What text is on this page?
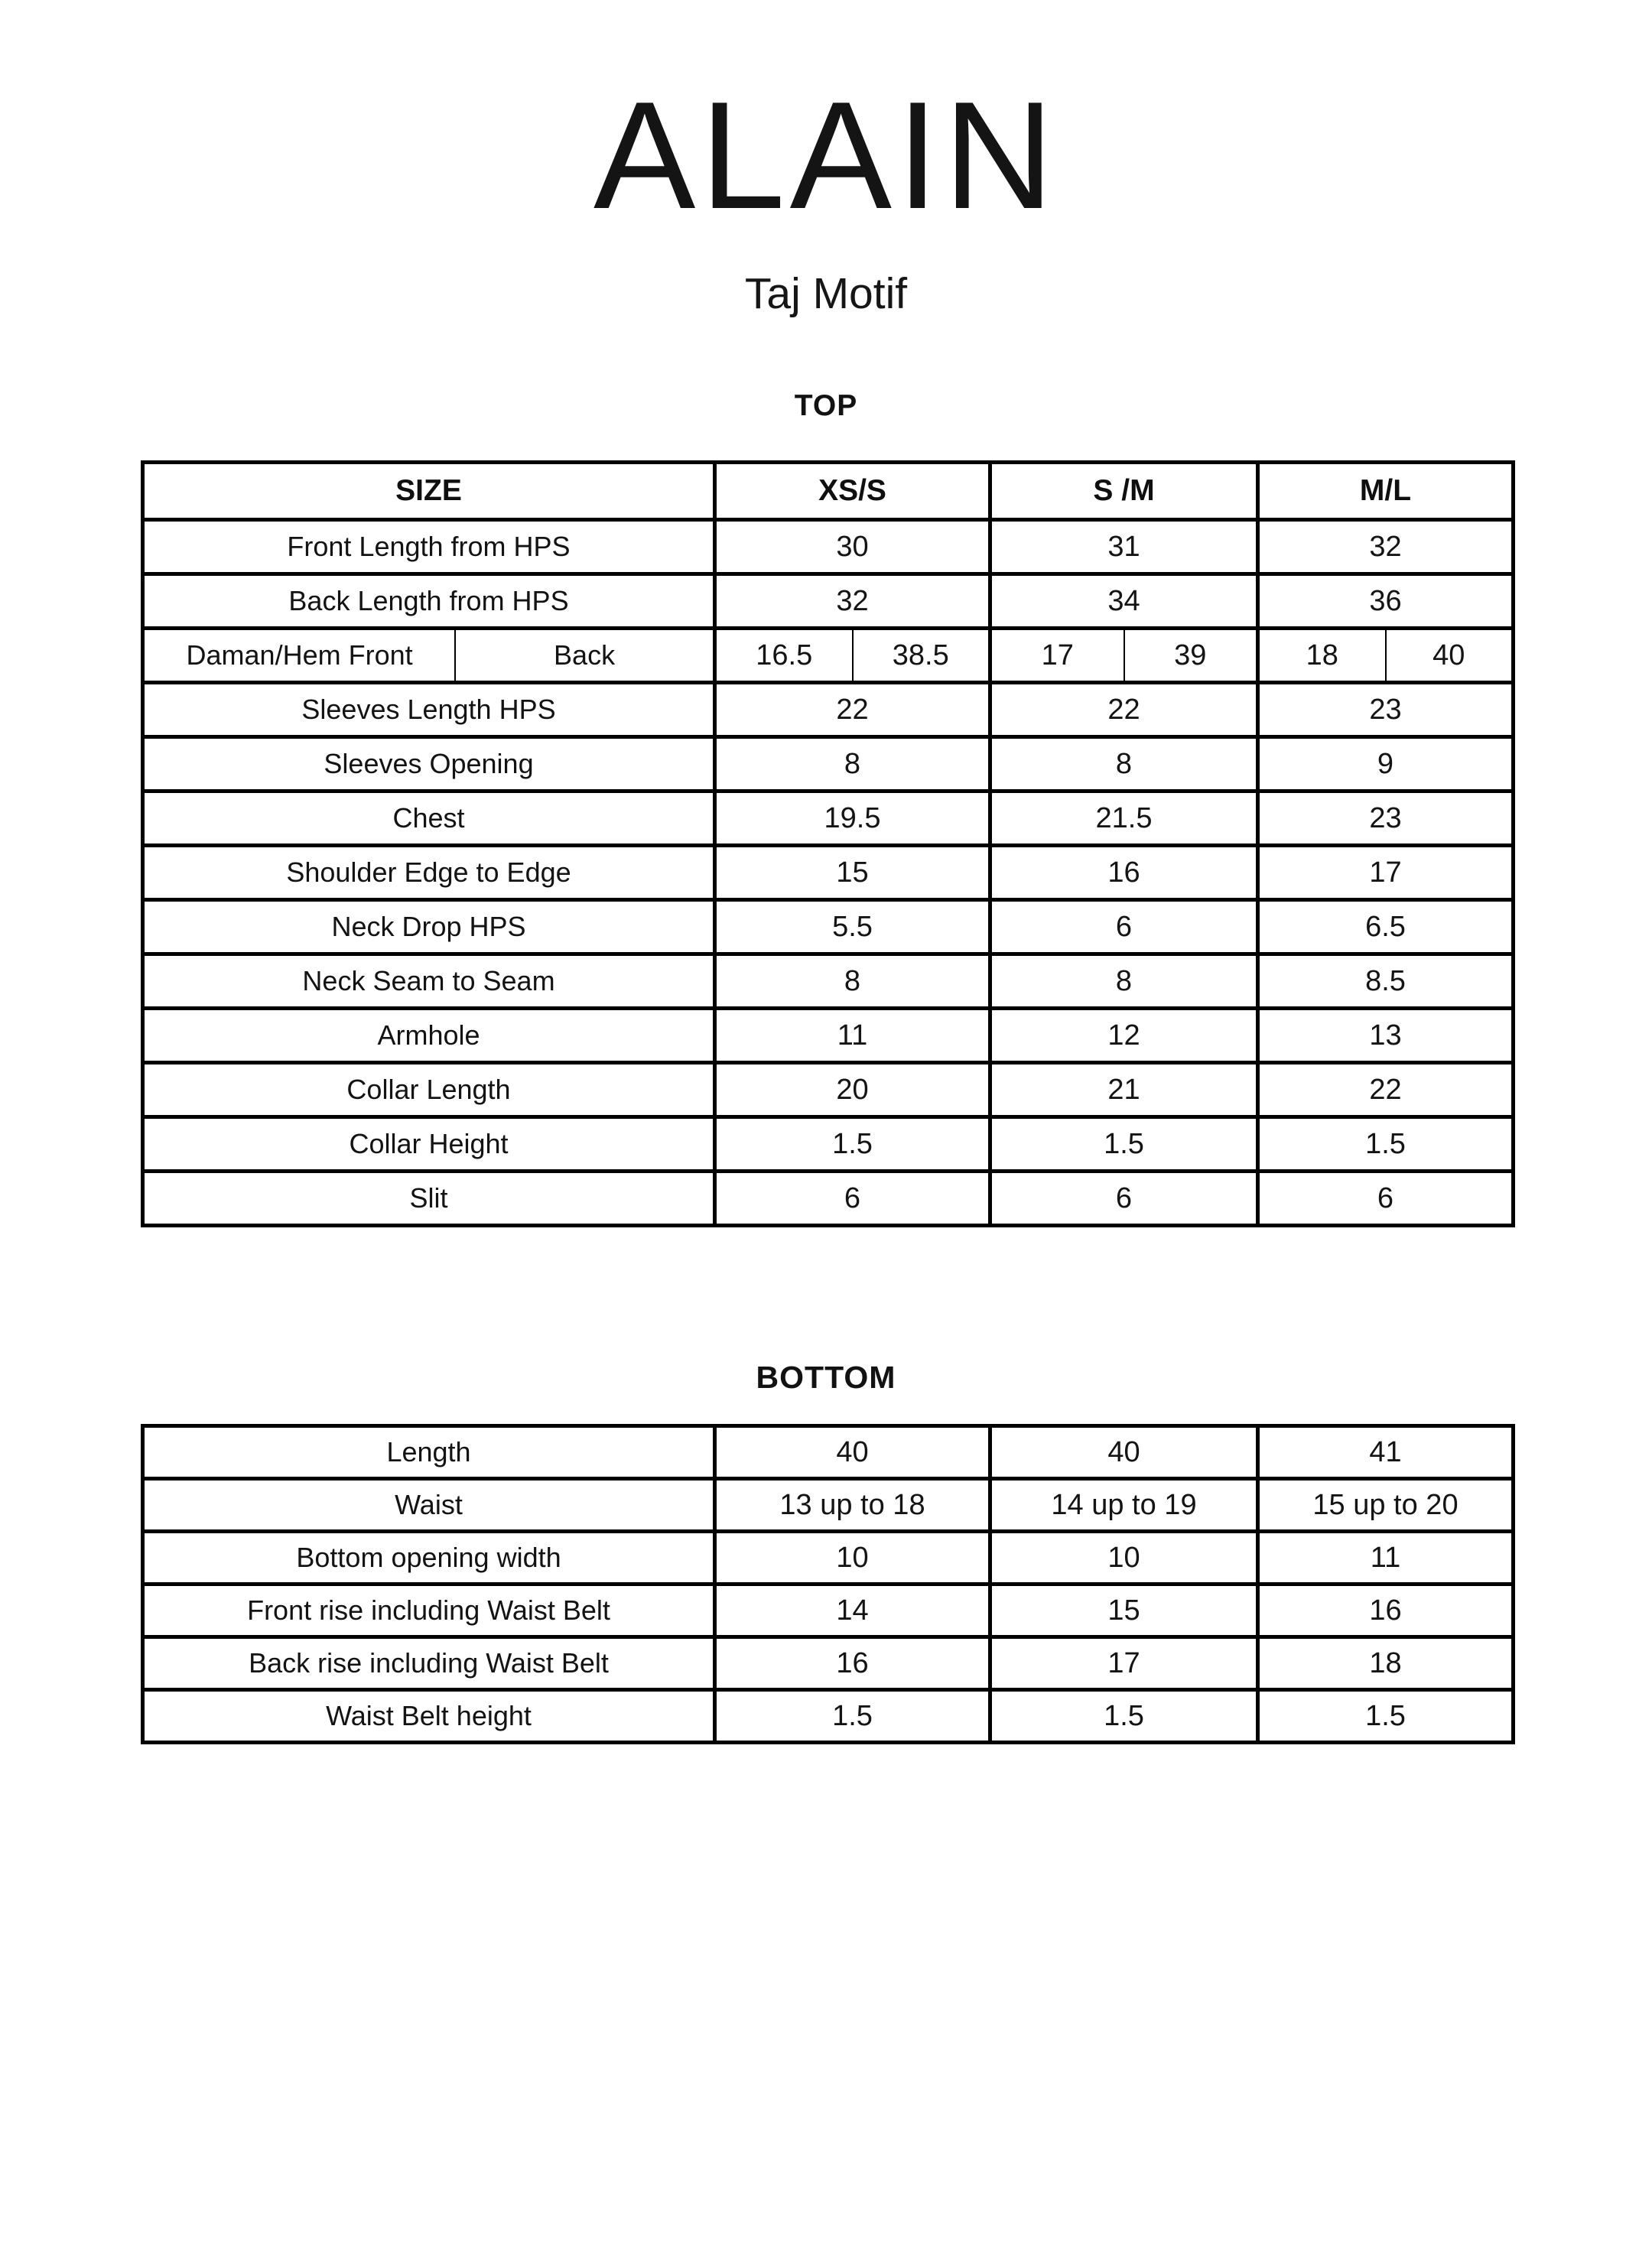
ALAIN
Taj Motif
TOP
SIZE	XS/S	S /M	M/L
Front Length from HPS	30	31	32
Back Length from HPS	32	34	36

Daman/Hem Front	Back	16.5	38.5	17	39	18	40

Sleeves Length HPS	22	22	23
Sleeves Opening	8	8	9
Chest	19.5	21.5	23
Shoulder Edge to Edge	15	16	17
Neck Drop HPS	5.5	6	6.5
Neck Seam to Seam	8	8	8.5
Armhole	11	12	13
Collar Length	20	21	22
Collar Height	1.5	1.5	1.5
Slit	6	6	6
BOTTOM
Length	40	40	41
Waist	13 up to 18	14 up to 19	15 up to 20
Bottom opening width	10	10	11
Front rise including Waist Belt	14	15	16
Back rise including Waist Belt	16	17	18
Waist Belt height	1.5	1.5	1.5
